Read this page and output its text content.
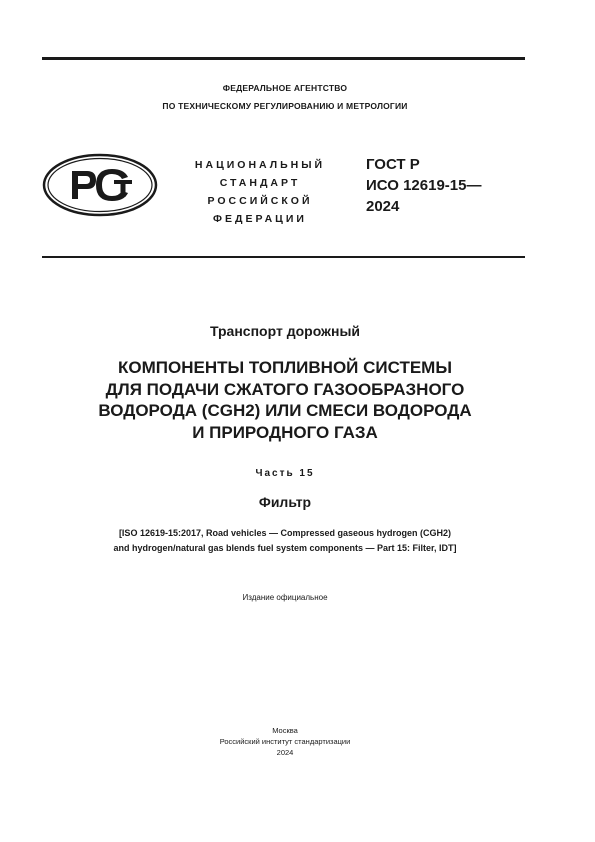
ФЕДЕРАЛЬНОЕ АГЕНТСТВО
ПО ТЕХНИЧЕСКОМУ РЕГУЛИРОВАНИЮ И МЕТРОЛОГИИ
НАЦИОНАЛЬНЫЙ
СТАНДАРТ
РОССИЙСКОЙ
ФЕДЕРАЦИИ
ГОСТ Р
ИСО 12619-15—
2024
Транспорт дорожный
КОМПОНЕНТЫ ТОПЛИВНОЙ СИСТЕМЫ
ДЛЯ ПОДАЧИ СЖАТОГО ГАЗООБРАЗНОГО
ВОДОРОДА (CGH2) ИЛИ СМЕСИ ВОДОРОДА
И ПРИРОДНОГО ГАЗА
Часть 15
Фильтр
[ISO 12619-15:2017, Road vehicles — Compressed gaseous hydrogen (CGH2)
and hydrogen/natural gas blends fuel system components — Part 15: Filter, IDT]
Издание официальное
Москва
Российский институт стандартизации
2024
